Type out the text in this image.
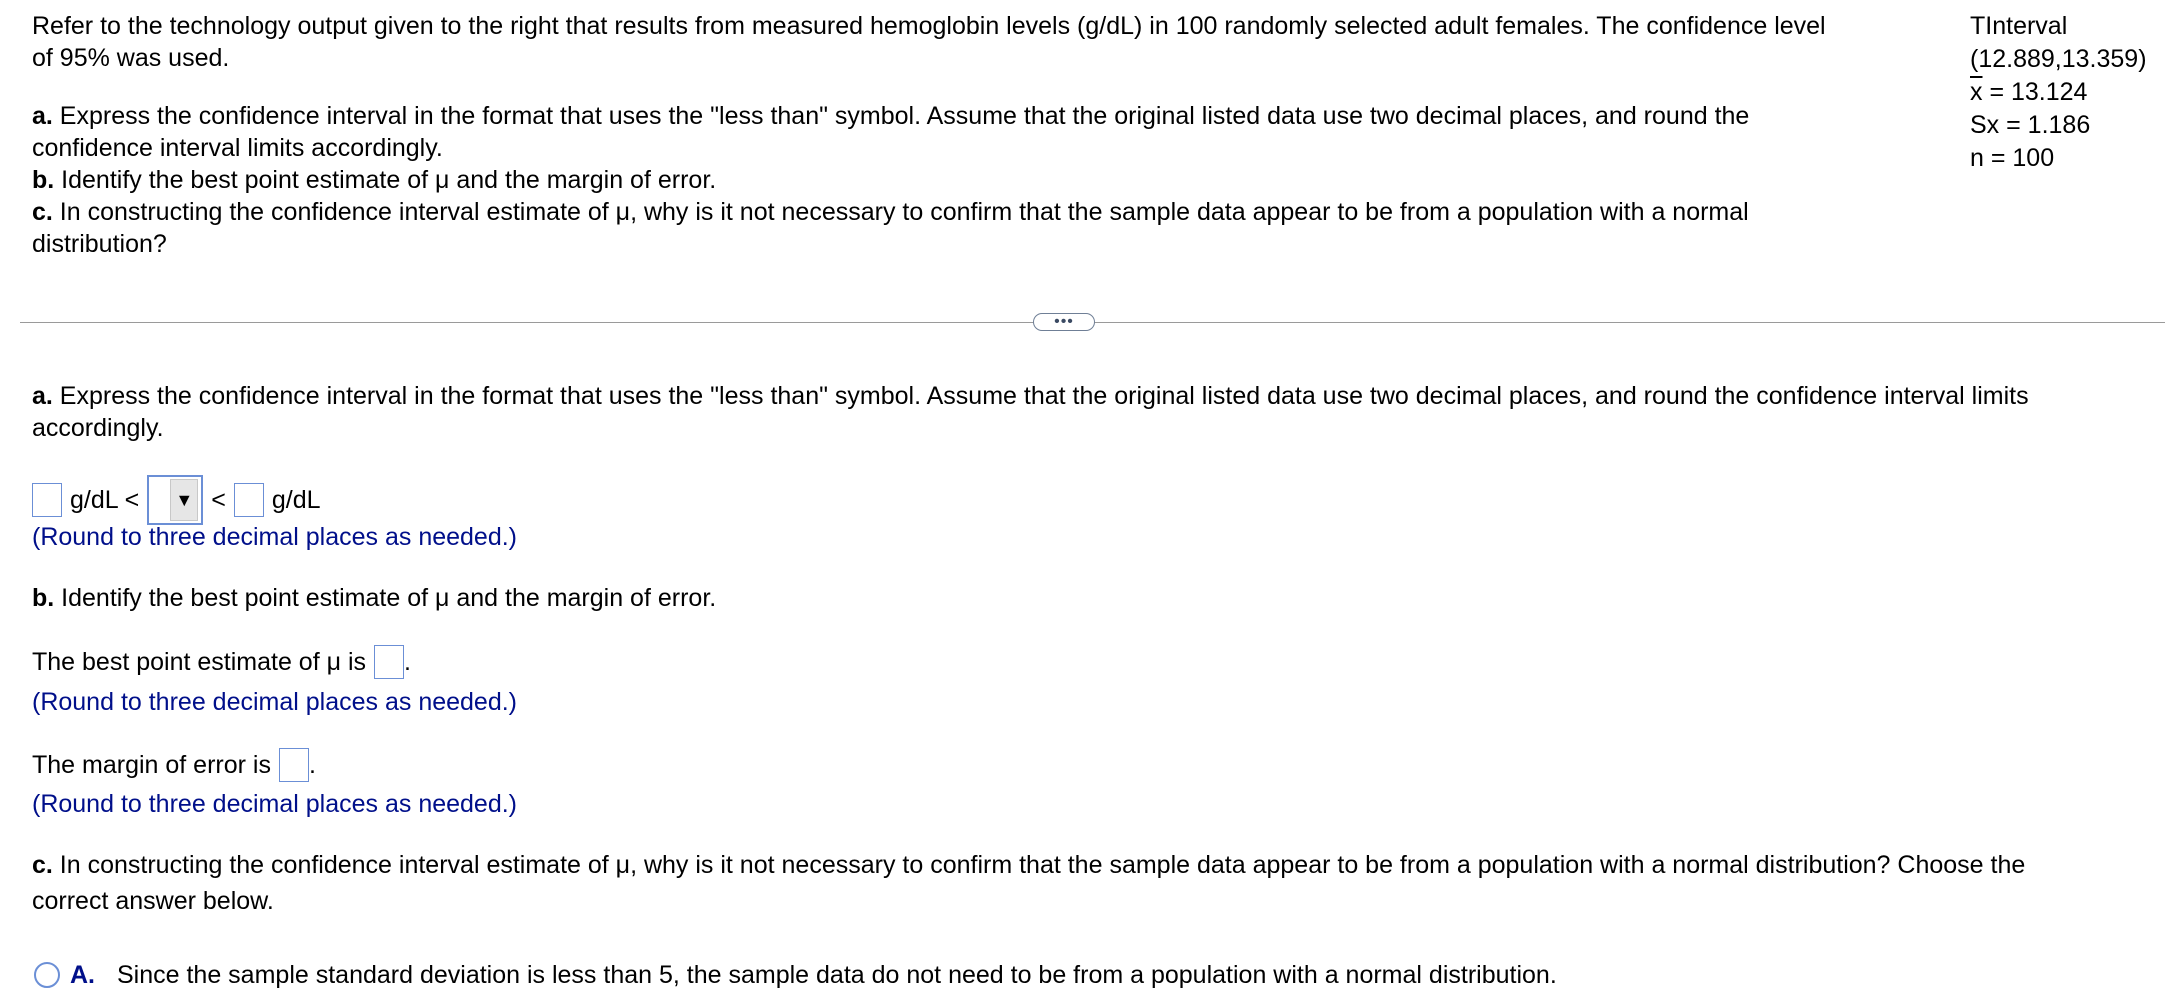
Refer to the technology output given to the right that results from measured hemoglobin levels (g/dL) in 100 randomly selected adult females. The confidence level
of 95% was used.

a. Express the confidence interval in the format that uses the "less than" symbol. Assume that the original listed data use two decimal places, and round the
confidence interval limits accordingly.

b. Identify the best point estimate of μ and the margin of error.

c. In constructing the confidence interval estimate of μ, why is it not necessary to confirm that the sample data appear to be from a population with a normal
distribution?

TInterval
(12.889,13.359)
$\overline{x} = 13.124$
Sx = 1.186
n = 100
•••
a. Express the confidence interval in the format that uses the "less than" symbol. Assume that the original listed data use two decimal places, and round the confidence interval limits
accordingly.
g/dL < ▼ < g/dL
(Round to three decimal places as needed.)
b. Identify the best point estimate of μ and the margin of error.
The best point estimate of μ is .
(Round to three decimal places as needed.)
The margin of error is .
(Round to three decimal places as needed.)
c. In constructing the confidence interval estimate of μ, why is it not necessary to confirm that the sample data appear to be from a population with a normal distribution? Choose the
correct answer below.
A. Since the sample standard deviation is less than 5, the sample data do not need to be from a population with a normal distribution.
